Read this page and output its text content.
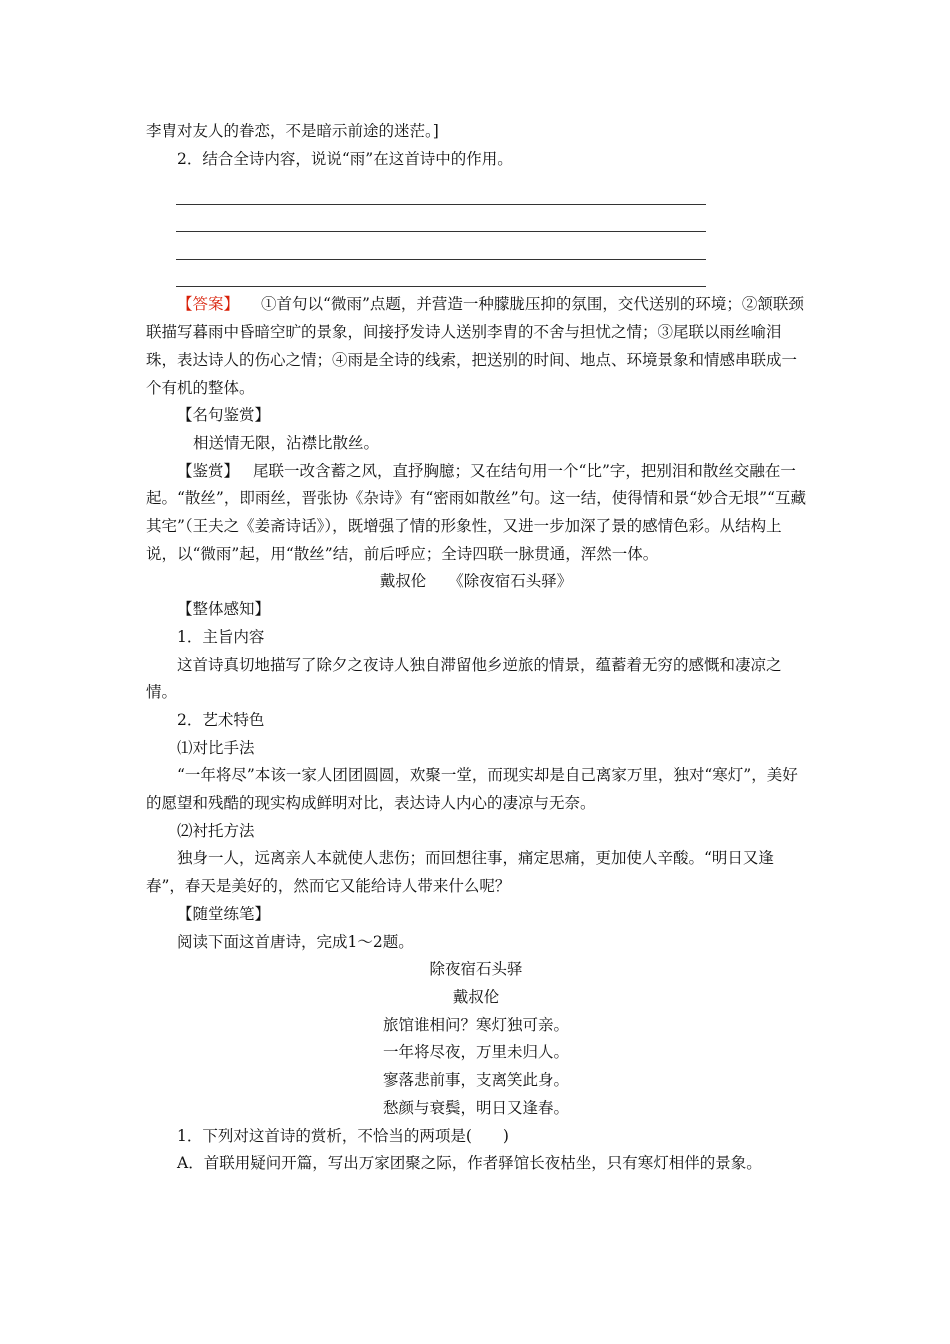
李胄对友人的眷恋，不是暗示前途的迷茫。]

2．结合全诗内容，说说“雨”在这首诗中的作用。

【答案】 ①首句以“微雨”点题，并营造一种朦胧压抑的氛围，交代送别的环境；②颔联颈联描写暮雨中昏暗空旷的景象，间接抒发诗人送别李胄的不舍与担忧之情；③尾联以雨丝喻泪珠，表达诗人的伤心之情；④雨是全诗的线索，把送别的时间、地点、环境景象和情感串联成一个有机的整体。

【名句鉴赏】

相送情无限，沾襟比散丝。

【鉴赏】 尾联一改含蓄之风，直抒胸臆；又在结句用一个“比”字，把别泪和散丝交融在一起。“散丝”，即雨丝，晋张协《杂诗》有“密雨如散丝”句。这一结，使得情和景“妙合无垠”“互藏其宅”（王夫之《姜斋诗话》），既增强了情的形象性，又进一步加深了景的感情色彩。从结构上说，以“微雨”起，用“散丝”结，前后呼应；全诗四联一脉贯通，浑然一体。

戴叔伦 《除夜宿石头驿》

【整体感知】

1．主旨内容

这首诗真切地描写了除夕之夜诗人独自滞留他乡逆旅的情景，蕴蓄着无穷的感慨和凄凉之情。

2．艺术特色

⑴对比手法

“一年将尽”本该一家人团团圆圆，欢聚一堂，而现实却是自己离家万里，独对“寒灯”，美好的愿望和残酷的现实构成鲜明对比，表达诗人内心的凄凉与无奈。

⑵衬托方法

独身一人，远离亲人本就使人悲伤；而回想往事，痛定思痛，更加使人辛酸。“明日又逢春”，春天是美好的，然而它又能给诗人带来什么呢？

【随堂练笔】

阅读下面这首唐诗，完成1～2题。

除夜宿石头驿

戴叔伦

旅馆谁相问？寒灯独可亲。

一年将尽夜，万里未归人。

寥落悲前事，支离笑此身。

愁颜与衰鬓，明日又逢春。

1．下列对这首诗的赏析，不恰当的两项是(　　)

A．首联用疑问开篇，写出万家团聚之际，作者驿馆长夜枯坐，只有寒灯相伴的景象。
